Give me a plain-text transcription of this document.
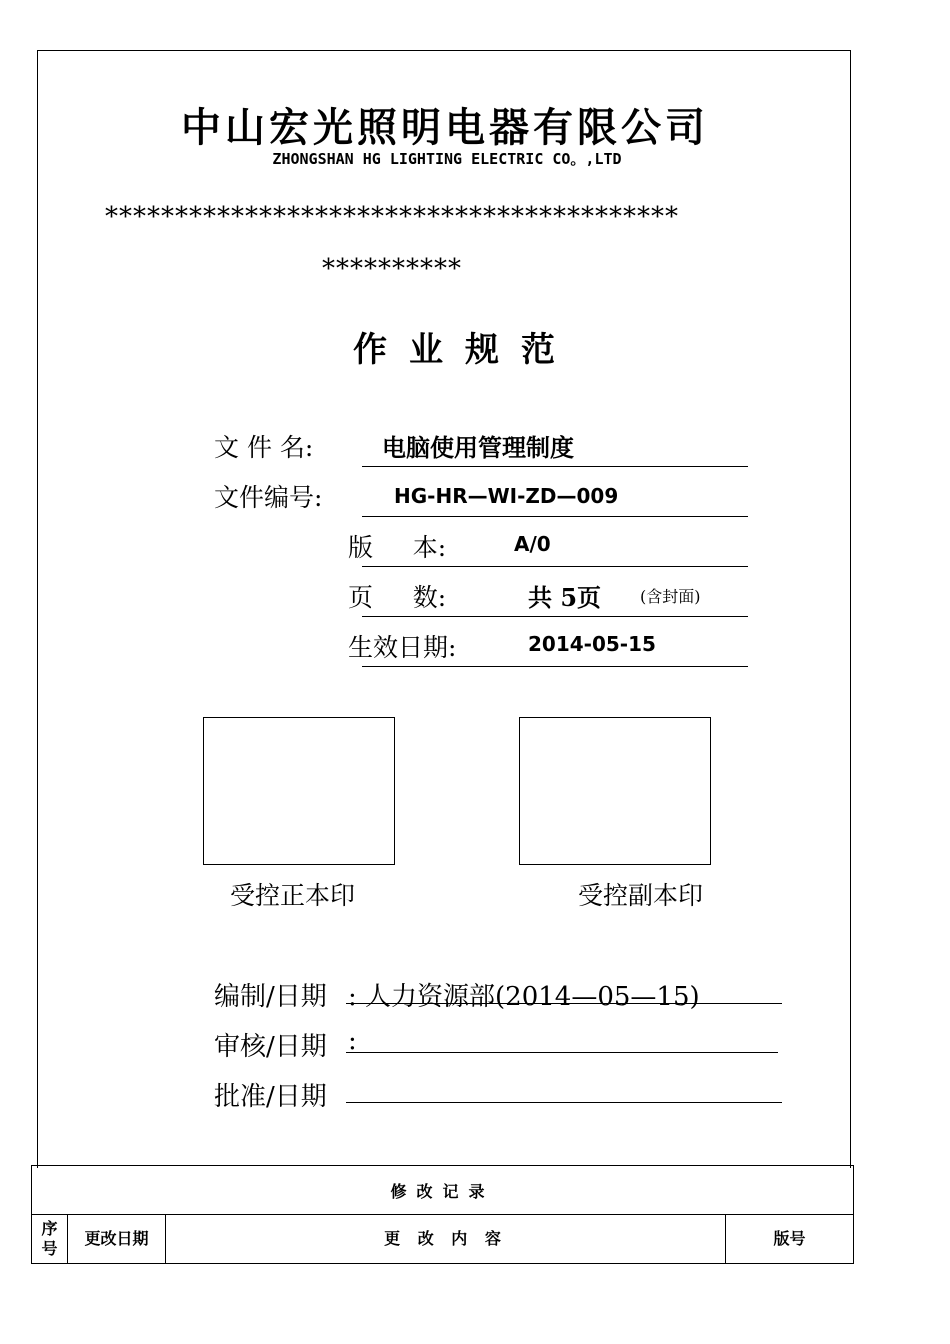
中山宏光照明电器有限公司
ZHONGSHAN HG LIGHTING ELECTRIC CO。,LTD
*****************************************
**********
作业规范
文 件 名:	电脑使用管理制度
文件编号:	HG-HR—WI-ZD—009
版     本:	A/0
页     数:	共 5页 (含封面)
生效日期:	2014-05-15
受控正本印	受控副本印
编制/日期 : 人力资源部(2014—05—15)
审核/日期 :
批准/日期
修改记录
序号	更改日期	更 改 内 容	版号
